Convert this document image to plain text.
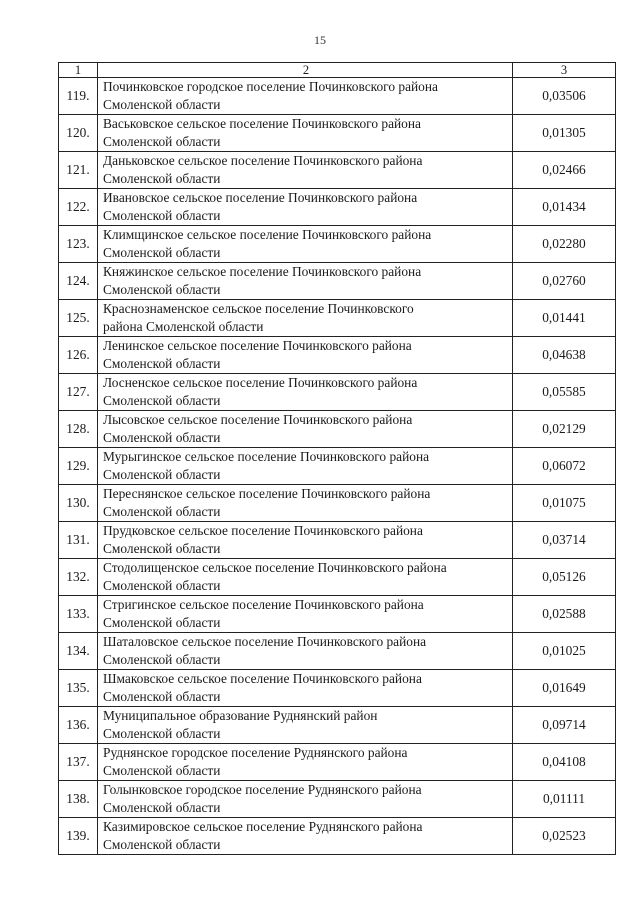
15
1	2	3
119.	Починковское городское поселение Починковского района
Смоленской области	0,03506
120.	Васьковское сельское поселение Починковского района
Смоленской области	0,01305
121.	Даньковское сельское поселение Починковского района
Смоленской области	0,02466
122.	Ивановское сельское поселение Починковского района
Смоленской области	0,01434
123.	Климщинское сельское поселение Починковского района
Смоленской области	0,02280
124.	Княжинское сельское поселение Починковского района
Смоленской области	0,02760
125.	Краснознаменское сельское поселение Починковского
района Смоленской области	0,01441
126.	Ленинское сельское поселение Починковского района
Смоленской области	0,04638
127.	Лосненское сельское поселение Починковского района
Смоленской области	0,05585
128.	Лысовское сельское поселение Починковского района
Смоленской области	0,02129
129.	Мурыгинское сельское поселение Починковского района
Смоленской области	0,06072
130.	Переснянское сельское поселение Починковского района
Смоленской области	0,01075
131.	Прудковское сельское поселение Починковского района
Смоленской области	0,03714
132.	Стодолищенское сельское поселение Починковского района
Смоленской области	0,05126
133.	Стригинское сельское поселение Починковского района
Смоленской области	0,02588
134.	Шаталовское сельское поселение Починковского района
Смоленской области	0,01025
135.	Шмаковское сельское поселение Починковского района
Смоленской области	0,01649
136.	Муниципальное образование Руднянский район
Смоленской области	0,09714
137.	Руднянское городское поселение Руднянского района
Смоленской области	0,04108
138.	Голынковское городское поселение Руднянского района
Смоленской области	0,01111
139.	Казимировское сельское поселение Руднянского района
Смоленской области	0,02523
